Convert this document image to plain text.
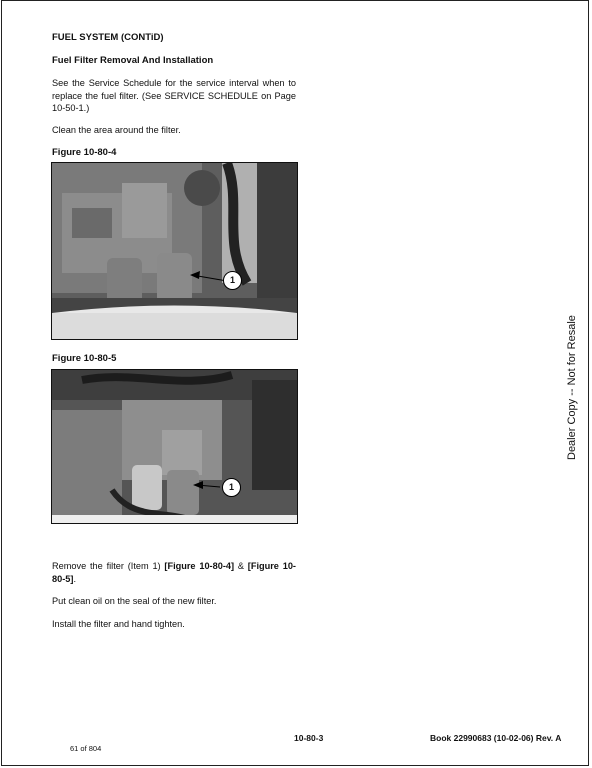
FUEL SYSTEM (CONTiD)
Fuel Filter Removal And Installation
See the Service Schedule for the service interval when to replace the fuel filter. (See SERVICE SCHEDULE on Page 10-50-1.)
Clean the area around the filter.
Figure 10-80-4
1
Figure 10-80-5
1
Remove the filter (Item 1) [Figure 10-80-4] & [Figure 10-80-5].
Put clean oil on the seal of the new filter.
Install the filter and hand tighten.
Dealer Copy -- Not for Resale
10-80-3	Book 22990683 (10-02-06) Rev. A
61 of 804
